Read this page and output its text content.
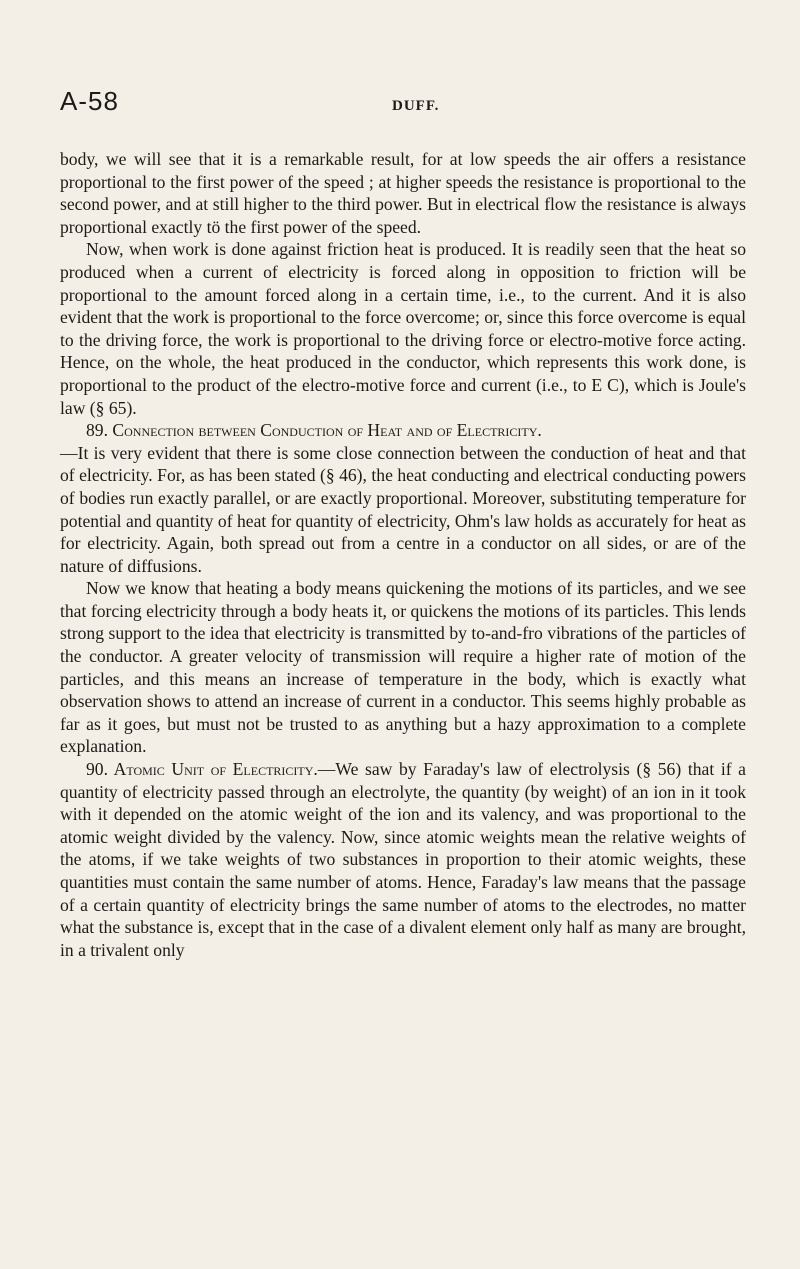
A-58	DUFF.

body, we will see that it is a remarkable result, for at low speeds the air offers a resistance proportional to the first power of the speed ; at higher speeds the resistance is proportional to the second power, and at still higher to the third power. But in electrical flow the resistance is always proportional exactly tö the first power of the speed.

Now, when work is done against friction heat is produced. It is readily seen that the heat so produced when a current of electricity is forced along in opposition to friction will be proportional to the amount forced along in a certain time, i.e., to the current. And it is also evident that the work is proportional to the force overcome; or, since this force overcome is equal to the driving force, the work is proportional to the driving force or electro-motive force acting. Hence, on the whole, the heat produced in the conductor, which represents this work done, is proportional to the product of the electro-motive force and current (i.e., to E C), which is Joule's law (§ 65).

89. Connection between Conduction of Heat and of Electricity.
—It is very evident that there is some close connection between the conduction of heat and that of electricity. For, as has been stated (§ 46), the heat conducting and electrical conducting powers of bodies run exactly parallel, or are exactly proportional. Moreover, substituting temperature for potential and quantity of heat for quantity of electricity, Ohm's law holds as accurately for heat as for electricity. Again, both spread out from a centre in a conductor on all sides, or are of the nature of diffusions.

Now we know that heating a body means quickening the motions of its particles, and we see that forcing electricity through a body heats it, or quickens the motions of its particles. This lends strong support to the idea that electricity is transmitted by to-and-fro vibrations of the particles of the conductor. A greater velocity of transmission will require a higher rate of motion of the particles, and this means an increase of temperature in the body, which is exactly what observation shows to attend an increase of current in a conductor. This seems highly probable as far as it goes, but must not be trusted to as anything but a hazy approximation to a complete explanation.

90. Atomic Unit of Electricity.—We saw by Faraday's law of electrolysis (§ 56) that if a quantity of electricity passed through an electrolyte, the quantity (by weight) of an ion in it took with it depended on the atomic weight of the ion and its valency, and was proportional to the atomic weight divided by the valency. Now, since atomic weights mean the relative weights of the atoms, if we take weights of two substances in proportion to their atomic weights, these quantities must contain the same number of atoms. Hence, Faraday's law means that the passage of a certain quantity of electricity brings the same number of atoms to the electrodes, no matter what the substance is, except that in the case of a divalent element only half as many are brought, in a trivalent only
